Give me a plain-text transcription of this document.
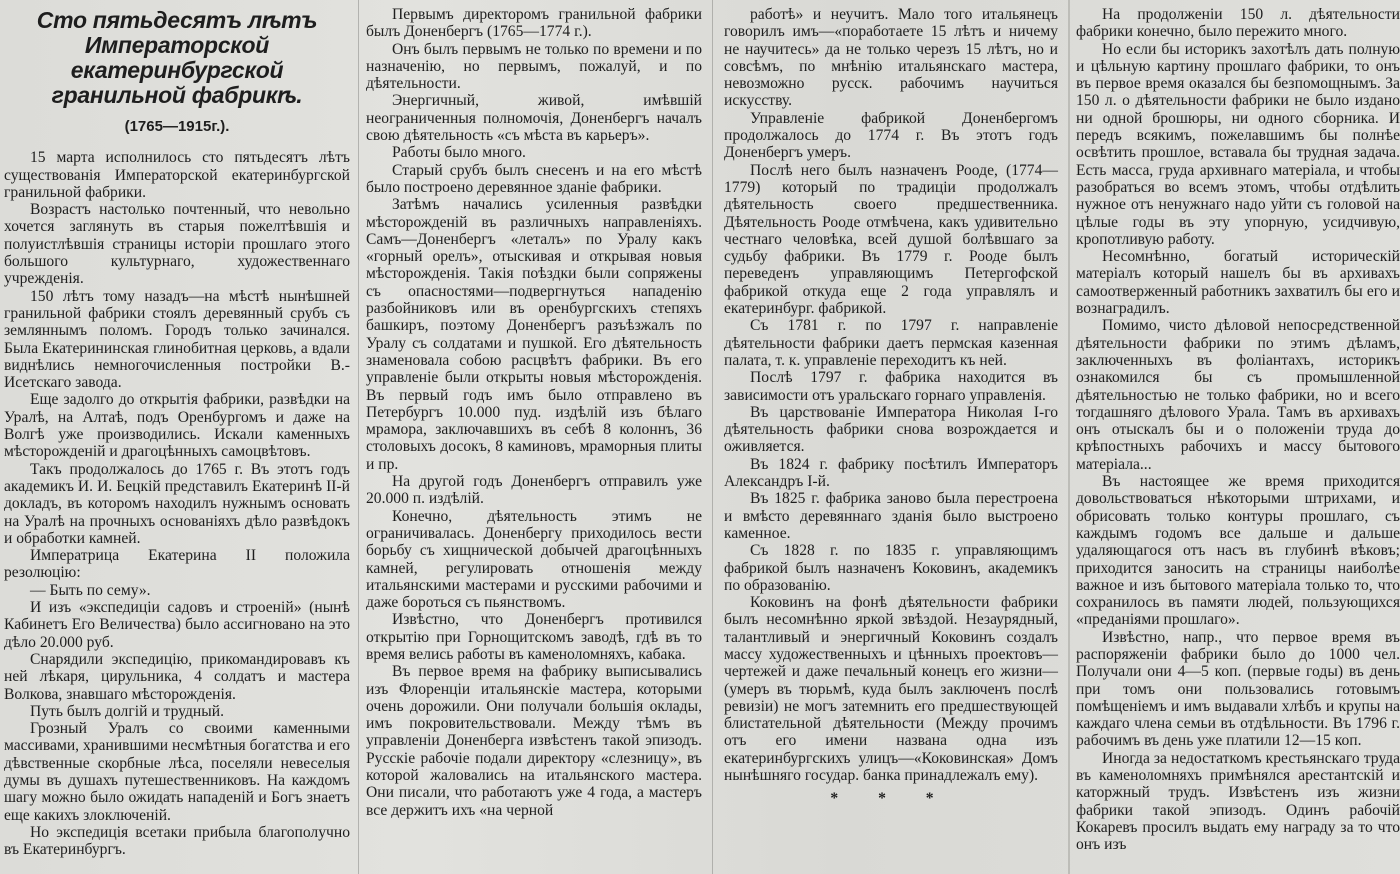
Сто пятьдесятъ лѣтъ Императорской екатеринбургской гранильной фабрикѣ.
(1765—1915г.).

15 марта исполнилось сто пятьдесятъ лѣтъ существованія Императорской екатеринбургской гранильной фабрики.

Возрастъ настолько почтенный, что невольно хочется заглянуть въ старыя пожелтѣвшія и полуистлѣвшія страницы исторіи прошлаго этого большого культурнаго, художественнаго учрежденія.

150 лѣтъ тому назадъ—на мѣстѣ нынѣшней гранильной фабрики стоялъ деревянный срубъ съ земляннымъ поломъ. Городъ только зачинался. Была Екатерининская глинобитная церковь, а вдали виднѣлись немногочисленныя постройки В.-Исетскаго завода.

Еще задолго до открытія фабрики, развѣдки на Уралѣ, на Алтаѣ, подъ Оренбургомъ и даже на Волгѣ уже производились. Искали каменныхъ мѣсторожденій и драгоцѣнныхъ самоцвѣтовъ.

Такъ продолжалось до 1765 г. Въ этотъ годъ академикъ И. И. Бецкій представилъ Екатеринѣ II-й докладъ, въ которомъ находилъ нужнымъ основать на Уралѣ на прочныхъ основаніяхъ дѣло развѣдокъ и обработки камней.

Императрица Екатерина II положила резолюцію:

— Быть по сему».

И изъ «экспедиціи садовъ и строеній» (нынѣ Кабинетъ Его Величества) было ассигновано на это дѣло 20.000 руб.

Снарядили экспедицію, прикомандировавъ къ ней лѣкаря, цирульника, 4 солдатъ и мастера Волкова, знавшаго мѣсторожденія.

Путь былъ долгій и трудный.

Грозный Уралъ со своими каменными массивами, хранившими несмѣтныя богатства и его дѣвственные скорбные лѣса, поселяли невеселыя думы въ душахъ путешественниковъ. На каждомъ шагу можно было ожидать нападеній и Богъ знаетъ еще какихъ злоключеній.

Но экспедиція всетаки прибыла благополучно въ Екатеринбургъ.

Первымъ директоромъ гранильной фабрики былъ Доненбергъ (1765—1774 г.).

Онъ былъ первымъ не только по времени и по назначенію, но первымъ, пожалуй, и по дѣятельности.

Энергичный, живой, имѣвшій неограниченныя полномочія, Доненбергъ началъ свою дѣятельность «съ мѣста въ карьеръ».

Работы было много.

Старый срубъ былъ снесенъ и на его мѣстѣ было построено деревянное зданіе фабрики.

Затѣмъ начались усиленныя развѣдки мѣсторожденій въ различныхъ направленіяхъ. Самъ—Доненбергъ «леталъ» по Уралу какъ «горный орелъ», отыскивая и открывая новыя мѣсторожденія. Такія поѣздки были сопряжены съ опасностями—подвергнуться нападенію разбойниковъ или въ оренбургскихъ степяхъ башкиръ, поэтому Доненбергъ разъѣзжалъ по Уралу съ солдатами и пушкой. Его дѣятельность знаменовала собою расцвѣтъ фабрики. Въ его управленіе были открыты новыя мѣсторожденія. Въ первый годъ имъ было отправлено въ Петербургъ 10.000 пуд. издѣлій изъ бѣлаго мрамора, заключавшихъ въ себѣ 8 колоннъ, 36 столовыхъ досокъ, 8 каминовъ, мраморныя плиты и пр.

На другой годъ Доненбергъ отправилъ уже 20.000 п. издѣлій.

Конечно, дѣятельность этимъ не ограничивалась. Доненбергу приходилось вести борьбу съ хищнической добычей драгоцѣнныхъ камней, регулировать отношенія между итальянскими мастерами и русскими рабочими и даже бороться съ пьянствомъ.

Извѣстно, что Доненбергъ противился открытію при Горнощитскомъ заводѣ, гдѣ въ то время велись работы въ каменоломняхъ, кабака.

Въ первое время на фабрику выписывались изъ Флоренціи итальянскіе мастера, которыми очень дорожили. Они получали большія оклады, имъ покровительствовали. Между тѣмъ въ управленіи Доненберга извѣстенъ такой эпизодъ. Русскіе рабочіе подали директору «слезницу», въ которой жаловались на итальянского мастера. Они писали, что работаютъ уже 4 года, а мастеръ все держитъ ихъ «на черной

работѣ» и неучитъ. Мало того итальянецъ говорилъ имъ—«поработаете 15 лѣтъ и ничему не научитесь» да не только черезъ 15 лѣтъ, но и совсѣмъ, по мнѣнію итальянскаго мастера, невозможно русск. рабочимъ научиться искусству.

Управленіе фабрикой Доненбергомъ продолжалось до 1774 г. Въ этотъ годъ Доненбергъ умеръ.

Послѣ него былъ назначенъ Рооде, (1774—1779) который по традиціи продолжалъ дѣятельность своего предшественника. Дѣятельность Рооде отмѣчена, какъ удивительно честнаго человѣка, всей душой болѣвшаго за судьбу фабрики. Въ 1779 г. Рооде былъ переведенъ управляющимъ Петергофской фабрикой откуда еще 2 года управлялъ и екатеринбург. фабрикой.

Съ 1781 г. по 1797 г. направленіе дѣятельности фабрики даетъ пермская казенная палата, т. к. управленіе переходитъ къ ней.

Послѣ 1797 г. фабрика находится въ зависимости отъ уральскаго горнаго управленія.

Въ царствованіе Императора Николая I-го дѣятельность фабрики снова возрождается и оживляется.

Въ 1824 г. фабрику посѣтилъ Императоръ Александръ I-й.

Въ 1825 г. фабрика заново была перестроена и вмѣсто деревяннаго зданія было выстроено каменное.

Съ 1828 г. по 1835 г. управляющимъ фабрикой былъ назначенъ Коковинъ, академикъ по образованію.

Коковинъ на фонѣ дѣятельности фабрики былъ несомнѣнно яркой звѣздой. Незаурядный, талантливый и энергичный Коковинъ создалъ массу художественныхъ и цѣнныхъ проектовъ—чертежей и даже печальный конецъ его жизни—(умеръ въ тюрьмѣ, куда былъ заключенъ послѣ ревизіи) не могъ затемнить его предшествующей блистательной дѣятельности (Между прочимъ отъ его имени названа одна изъ екатеринбургскихъ улицъ—«Коковинская» Домъ нынѣшняго государ. банка принадлежалъ ему).

* * *

На продолженіи 150 л. дѣятельности фабрики конечно, было пережито много.

Но если бы историкъ захотѣлъ дать полную и цѣльную картину прошлаго фабрики, то онъ въ первое время оказался бы безпомощнымъ. За 150 л. о дѣятельности фабрики не было издано ни одной брошюры, ни одного сборника. И передъ всякимъ, пожелавшимъ бы полнѣе освѣтить прошлое, вставала бы трудная задача. Есть масса, груда архивнаго матеріала, и чтобы разобраться во всемъ этомъ, чтобы отдѣлить нужное отъ ненужнаго надо уйти съ головой на цѣлые годы въ эту упорную, усидчивую, кропотливую работу.

Несомнѣнно, богатый историческій матеріалъ который нашелъ бы въ архивахъ самоотверженный работникъ захватилъ бы его и вознаградилъ.

Помимо, чисто дѣловой непосредственной дѣятельности фабрики по этимъ дѣламъ, заключенныхъ въ фоліантахъ, историкъ ознакомился бы съ промышленной дѣятельностью не только фабрики, но и всего тогдашняго дѣлового Урала. Тамъ въ архивахъ онъ отыскалъ бы и о положеніи труда до крѣпостныхъ рабочихъ и массу бытового матеріала...

Въ настоящее же время приходится довольствоваться нѣкоторыми штрихами, и обрисовать только контуры прошлаго, съ каждымъ годомъ все дальше и дальше удаляющагося отъ насъ въ глубинѣ вѣковъ; приходится заносить на страницы наиболѣе важное и изъ бытового матеріала только то, что сохранилось въ памяти людей, пользующихся «преданіями прошлаго».

Извѣстно, напр., что первое время въ распоряженіи фабрики было до 1000 чел. Получали они 4—5 коп. (первые годы) въ день при томъ они пользовались готовымъ помѣщеніемъ и имъ выдавали хлѣбъ и крупы на каждаго члена семьи въ отдѣльности. Въ 1796 г. рабочимъ въ день уже платили 12—15 коп.

Иногда за недостаткомъ крестьянскаго труда въ каменоломняхъ примѣнялся арестантскій и каторжный трудъ. Извѣстенъ изъ жизни фабрики такой эпизодъ. Одинъ рабочій Кокаревъ просилъ выдать ему награду за то что онъ изъ
